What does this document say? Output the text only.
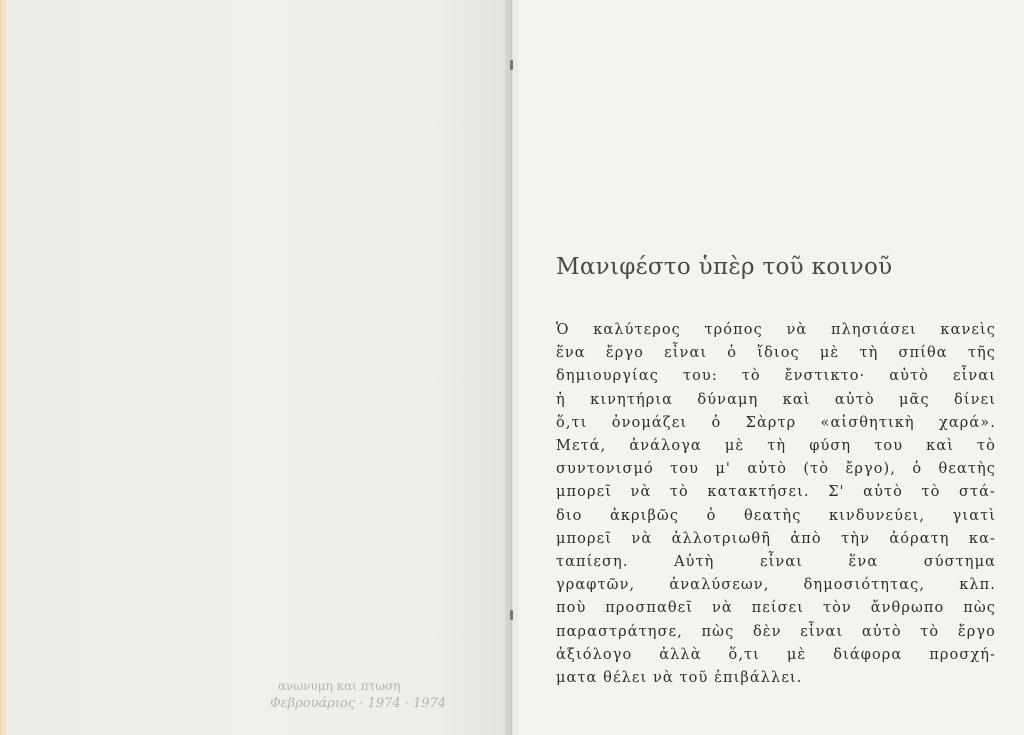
ανωνυμη και πτωση
Φεβρουάριος · 1974 · 1974
Μανιφέστο ὑπὲρ τοῦ κοινοῦ
Ὁ καλύτερος τρόπος νὰ πλησιάσει κανεὶς
ἕνα ἔργο εἶναι ὁ ἴδιος μὲ τὴ σπίθα τῆς
δημιουργίας του: τὸ ἔνστικτο· αὐτὸ εἶναι
ἡ κινητήρια δύναμη καὶ αὐτὸ μᾶς δίνει
ὅ,τι ὀνομάζει ὁ Σὰρτρ «αἰσθητικὴ χαρά».
Μετά, ἀνάλογα μὲ τὴ φύση του καὶ τὸ
συντονισμό του μ' αὐτὸ (τὸ ἔργο), ὁ θεατὴς
μπορεῖ νὰ τὸ κατακτήσει. Σ' αὐτὸ τὸ στά-
διο ἀκριβῶς ὁ θεατὴς κινδυνεύει, γιατὶ
μπορεῖ νὰ ἀλλοτριωθῆ ἀπὸ τὴν ἀόρατη κα-
ταπίεση. Αὐτὴ εἶναι ἕνα σύστημα
γραφτῶν, ἀναλύσεων, δημοσιότητας, κλπ.
ποὺ προσπαθεῖ νὰ πείσει τὸν ἄνθρωπο πὼς
παραστράτησε, πὼς δὲν εἶναι αὐτὸ τὸ ἔργο
ἀξιόλογο ἀλλὰ ὅ,τι μὲ διάφορα προσχή-
ματα θέλει νὰ τοῦ ἐπιβάλλει.
